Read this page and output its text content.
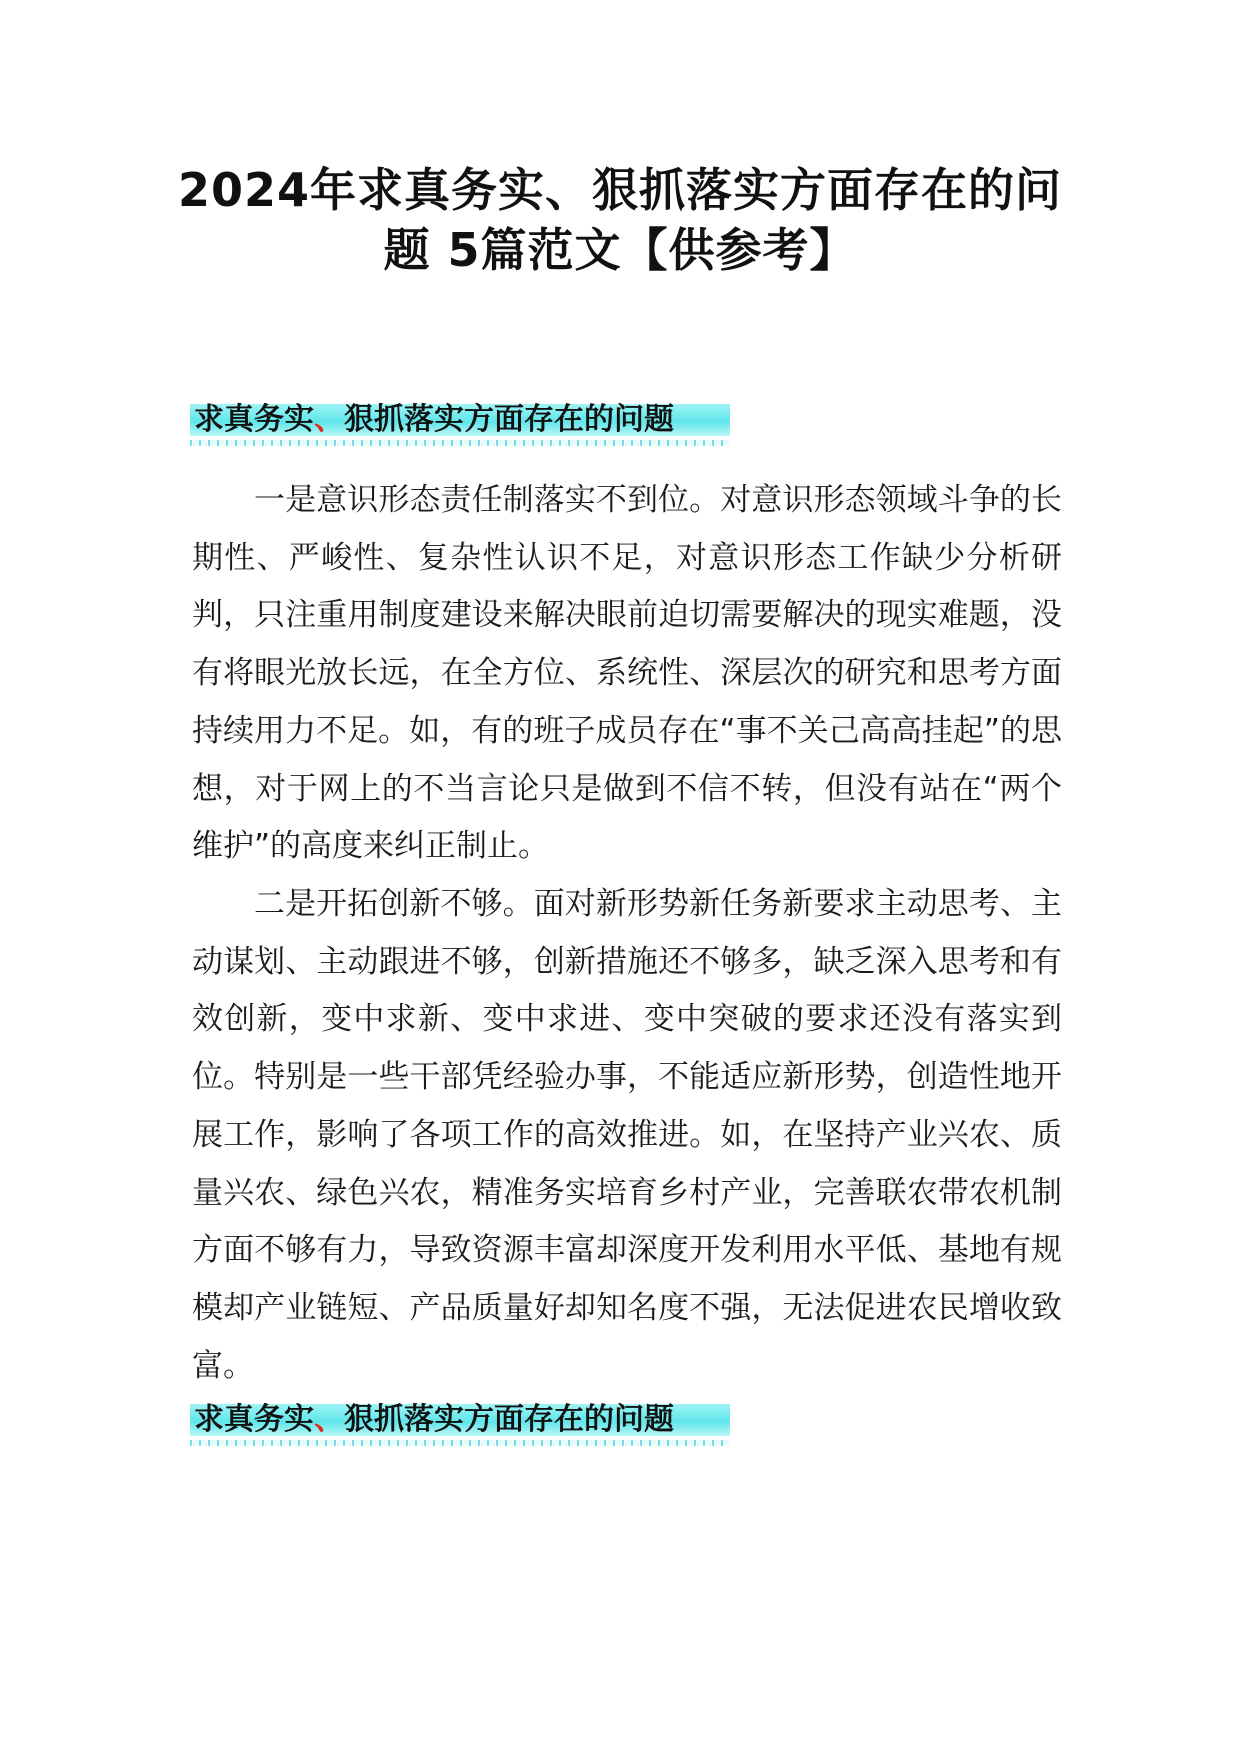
2024年求真务实、狠抓落实方面存在的问
题 5篇范文【供参考】
求真务实、狠抓落实方面存在的问题

一是意识形态责任制落实不到位。对意识形态领域斗争的长期性、严峻性、复杂性认识不足，对意识形态工作缺少分析研判，只注重用制度建设来解决眼前迫切需要解决的现实难题，没有将眼光放长远，在全方位、系统性、深层次的研究和思考方面持续用力不足。如，有的班子成员存在“事不关己高高挂起”的思想，对于网上的不当言论只是做到不信不转，但没有站在“两个维护”的高度来纠正制止。

二是开拓创新不够。面对新形势新任务新要求主动思考、主动谋划、主动跟进不够，创新措施还不够多，缺乏深入思考和有效创新，变中求新、变中求进、变中突破的要求还没有落实到位。特别是一些干部凭经验办事，不能适应新形势，创造性地开展工作，影响了各项工作的高效推进。如，在坚持产业兴农、质量兴农、绿色兴农，精准务实培育乡村产业，完善联农带农机制方面不够有力，导致资源丰富却深度开发利用水平低、基地有规模却产业链短、产品质量好却知名度不强，无法促进农民增收致富。

求真务实、狠抓落实方面存在的问题
